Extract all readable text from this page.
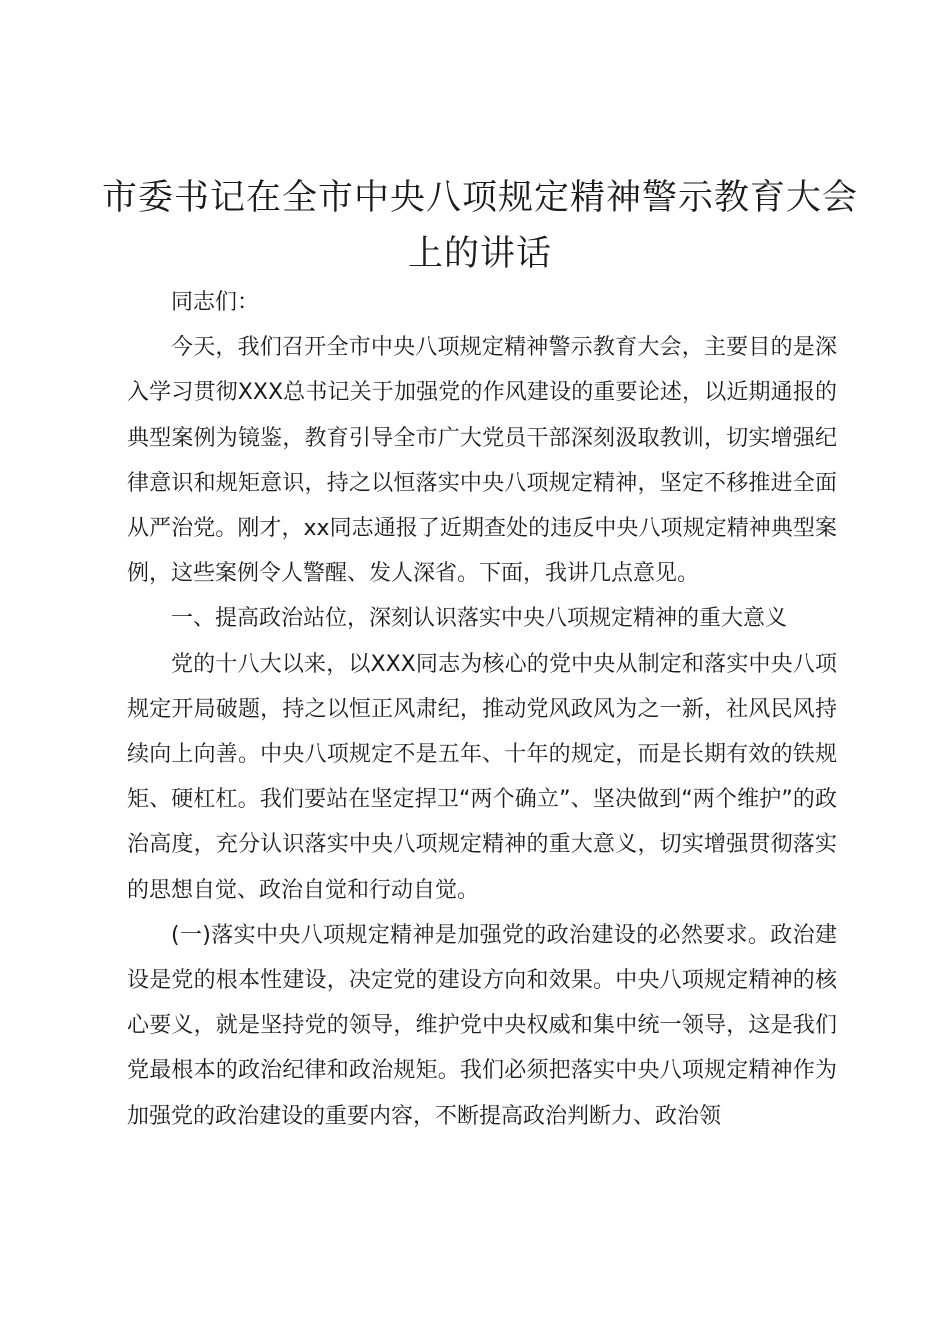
市委书记在全市中央八项规定精神警示教育大会上的讲话

同志们：

今天，我们召开全市中央八项规定精神警示教育大会，主要目的是深入学习贯彻XXX总书记关于加强党的作风建设的重要论述，以近期通报的典型案例为镜鉴，教育引导全市广大党员干部深刻汲取教训，切实增强纪律意识和规矩意识，持之以恒落实中央八项规定精神，坚定不移推进全面从严治党。刚才，xx同志通报了近期查处的违反中央八项规定精神典型案例，这些案例令人警醒、发人深省。下面，我讲几点意见。

一、提高政治站位，深刻认识落实中央八项规定精神的重大意义

党的十八大以来，以XXX同志为核心的党中央从制定和落实中央八项规定开局破题，持之以恒正风肃纪，推动党风政风为之一新，社风民风持续向上向善。中央八项规定不是五年、十年的规定，而是长期有效的铁规矩、硬杠杠。我们要站在坚定捍卫“两个确立”、坚决做到“两个维护”的政治高度，充分认识落实中央八项规定精神的重大意义，切实增强贯彻落实的思想自觉、政治自觉和行动自觉。

(一)落实中央八项规定精神是加强党的政治建设的必然要求。政治建设是党的根本性建设，决定党的建设方向和效果。中央八项规定精神的核心要义，就是坚持党的领导，维护党中央权威和集中统一领导，这是我们党最根本的政治纪律和政治规矩。我们必须把落实中央八项规定精神作为加强党的政治建设的重要内容，不断提高政治判断力、政治领
